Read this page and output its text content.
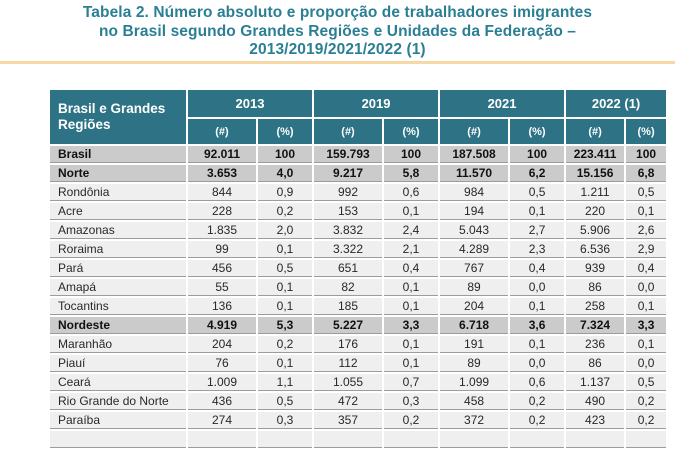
Tabela 2. Número absoluto e proporção de trabalhadores imigrantes
no Brasil segundo Grandes Regiões e Unidades da Federação –
2013/2019/2021/2022 (1)
Brasil e Grandes Regiões	2013		2019		2021		2022 (1)	
	(#)	(%)	(#)	(%)	(#)	(%)	(#)	(%)
Brasil	92.011	100	159.793	100	187.508	100	223.411	100
Norte	3.653	4,0	9.217	5,8	11.570	6,2	15.156	6,8
Rondônia	844	0,9	992	0,6	984	0,5	1.211	0,5
Acre	228	0,2	153	0,1	194	0,1	220	0,1
Amazonas	1.835	2,0	3.832	2,4	5.043	2,7	5.906	2,6
Roraima	99	0,1	3.322	2,1	4.289	2,3	6.536	2,9
Pará	456	0,5	651	0,4	767	0,4	939	0,4
Amapá	55	0,1	82	0,1	89	0,0	86	0,0
Tocantins	136	0,1	185	0,1	204	0,1	258	0,1
Nordeste	4.919	5,3	5.227	3,3	6.718	3,6	7.324	3,3
Maranhão	204	0,2	176	0,1	191	0,1	236	0,1
Piauí	76	0,1	112	0,1	89	0,0	86	0,0
Ceará	1.009	1,1	1.055	0,7	1.099	0,6	1.137	0,5
Rio Grande do Norte	436	0,5	472	0,3	458	0,2	490	0,2
Paraíba	274	0,3	357	0,2	372	0,2	423	0,2
